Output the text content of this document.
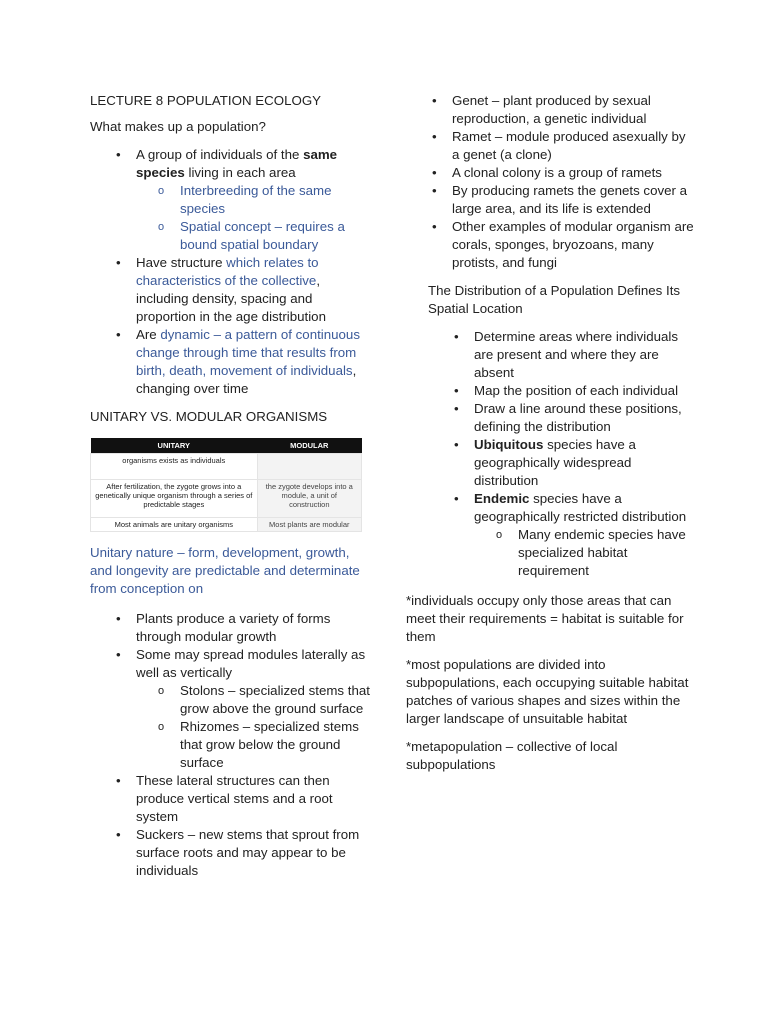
LECTURE 8 POPULATION ECOLOGY

What makes up a population?

• A group of individuals of the same species living in each area
o Interbreeding of the same species
o Spatial concept – requires a bound spatial boundary
• Have structure which relates to characteristics of the collective, including density, spacing and proportion in the age distribution
• Are dynamic – a pattern of continuous change through time that results from birth, death, movement of individuals, changing over time

UNITARY VS. MODULAR ORGANISMS

UNITARY	MODULAR
organisms exists as individuals	
After fertilization, the zygote grows into a genetically unique organism through a series of predictable stages	the zygote develops into a module, a unit of construction
Most animals are unitary organisms	Most plants are modular

Unitary nature – form, development, growth, and longevity are predictable and determinate from conception on

• Plants produce a variety of forms through modular growth
• Some may spread modules laterally as well as vertically
o Stolons – specialized stems that grow above the ground surface
o Rhizomes – specialized stems that grow below the ground surface
• These lateral structures can then produce vertical stems and a root system
• Suckers – new stems that sprout from surface roots and may appear to be individuals
• Genet – plant produced by sexual reproduction, a genetic individual
• Ramet – module produced asexually by a genet (a clone)
• A clonal colony is a group of ramets
• By producing ramets the genets cover a large area, and its life is extended
• Other examples of modular organism are corals, sponges, bryozoans, many protists, and fungi

The Distribution of a Population Defines Its Spatial Location

• Determine areas where individuals are present and where they are absent
• Map the position of each individual
• Draw a line around these positions, defining the distribution
• Ubiquitous species have a geographically widespread distribution
• Endemic species have a geographically restricted distribution
o Many endemic species have specialized habitat requirement

*individuals occupy only those areas that can meet their requirements = habitat is suitable for them

*most populations are divided into subpopulations, each occupying suitable habitat patches of various shapes and sizes within the larger landscape of unsuitable habitat

*metapopulation – collective of local subpopulations
